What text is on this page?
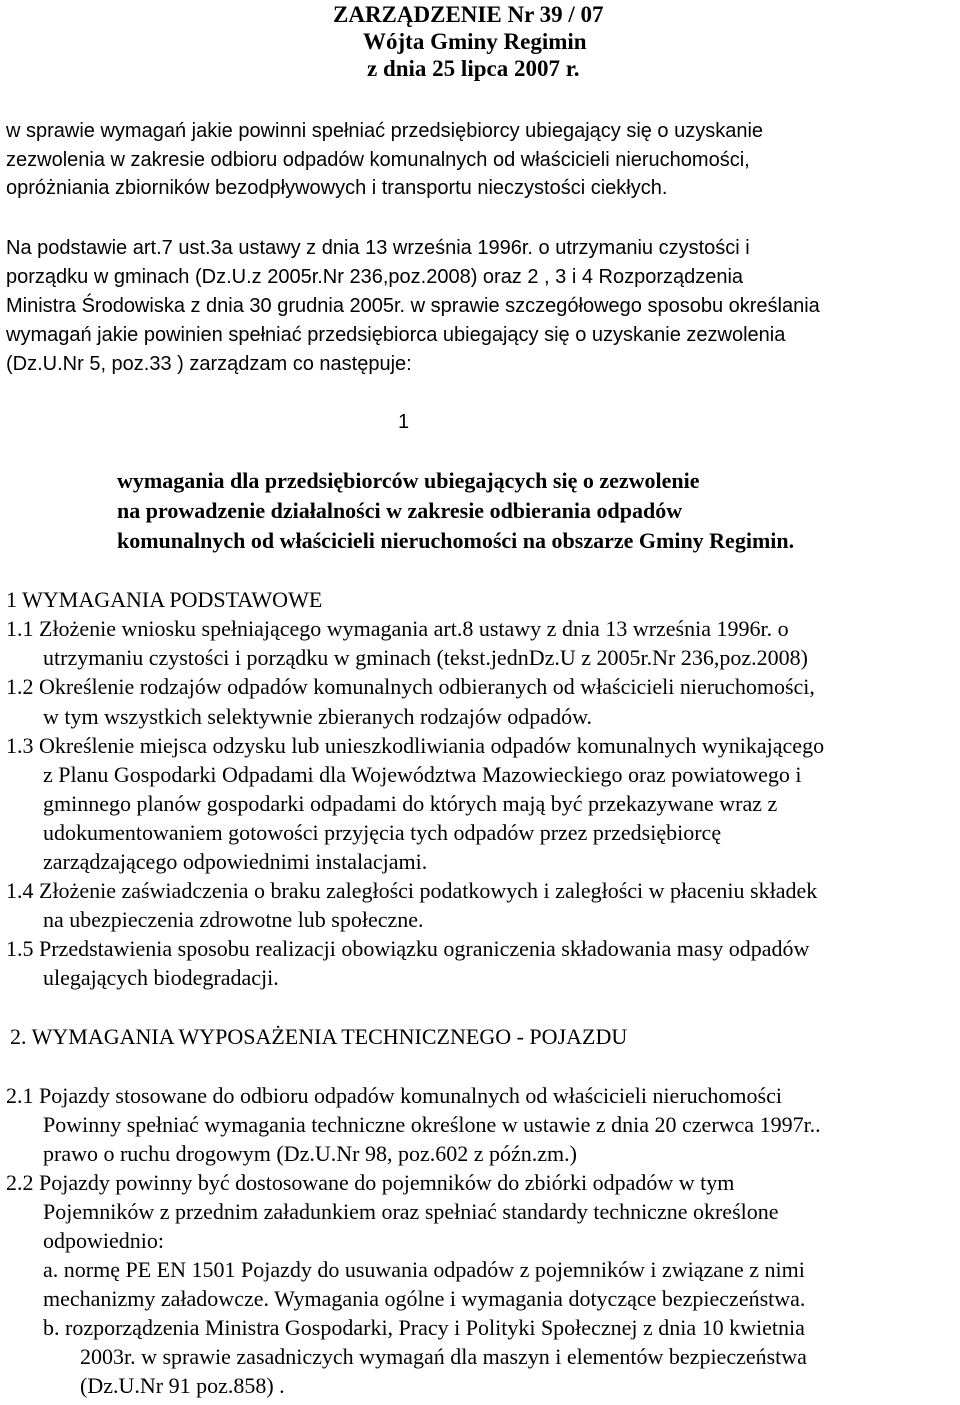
ZARZĄDZENIE Nr 39 / 07
Wójta Gminy Regimin
z dnia 25 lipca 2007 r.
w sprawie wymagań jakie powinni spełniać przedsiębiorcy ubiegający się o uzyskanie
zezwolenia w zakresie odbioru odpadów komunalnych od właścicieli nieruchomości,
opróżniania zbiorników bezodpływowych i transportu nieczystości ciekłych.
Na podstawie art.7 ust.3a ustawy z dnia 13 września 1996r. o utrzymaniu czystości i
porządku w gminach (Dz.U.z 2005r.Nr 236,poz.2008) oraz 2 , 3 i 4 Rozporządzenia
Ministra Środowiska z dnia 30 grudnia 2005r. w sprawie szczegółowego sposobu określania
wymagań jakie powinien spełniać przedsiębiorca ubiegający się o uzyskanie zezwolenia
(Dz.U.Nr 5, poz.33 ) zarządzam co następuje:
1
wymagania dla przedsiębiorców ubiegających się o zezwolenie
na prowadzenie działalności w zakresie odbierania odpadów
komunalnych od właścicieli nieruchomości na obszarze Gminy Regimin.
1 WYMAGANIA PODSTAWOWE
1.1 Złożenie wniosku spełniającego wymagania art.8 ustawy z dnia 13 września 1996r. o
utrzymaniu czystości i porządku w gminach (tekst.jednDz.U z 2005r.Nr 236,poz.2008)
1.2 Określenie rodzajów odpadów komunalnych odbieranych od właścicieli nieruchomości,
w tym wszystkich selektywnie zbieranych rodzajów odpadów.
1.3 Określenie miejsca odzysku lub unieszkodliwiania odpadów komunalnych wynikającego
z Planu Gospodarki Odpadami dla Województwa Mazowieckiego oraz powiatowego i
gminnego planów gospodarki odpadami do których mają być przekazywane wraz z
udokumentowaniem gotowości przyjęcia tych odpadów przez przedsiębiorcę
zarządzającego odpowiednimi instalacjami.
1.4 Złożenie zaświadczenia o braku zaległości podatkowych i zaległości w płaceniu składek
na ubezpieczenia zdrowotne lub społeczne.
1.5 Przedstawienia sposobu realizacji obowiązku ograniczenia składowania masy odpadów
ulegających biodegradacji.
2. WYMAGANIA WYPOSAŻENIA TECHNICZNEGO - POJAZDU
2.1 Pojazdy stosowane do odbioru odpadów komunalnych od właścicieli nieruchomości
Powinny spełniać wymagania techniczne określone w ustawie z dnia 20 czerwca 1997r..
prawo o ruchu drogowym (Dz.U.Nr 98, poz.602 z późn.zm.)
2.2 Pojazdy powinny być dostosowane do pojemników do zbiórki odpadów w tym
Pojemników z przednim załadunkiem oraz spełniać standardy techniczne określone
odpowiednio:
a. normę PE EN 1501 Pojazdy do usuwania odpadów z pojemników i związane z nimi
mechanizmy załadowcze. Wymagania ogólne i wymagania dotyczące bezpieczeństwa.
b. rozporządzenia Ministra Gospodarki, Pracy i Polityki Społecznej z dnia 10 kwietnia
2003r. w sprawie zasadniczych wymagań dla maszyn i elementów bezpieczeństwa
(Dz.U.Nr 91 poz.858) .
